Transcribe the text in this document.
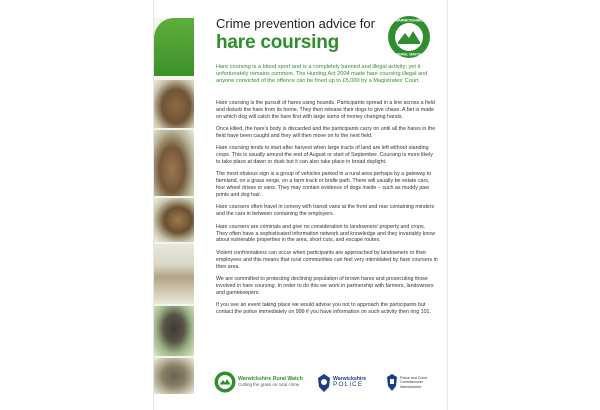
Crime prevention advice for
hare coursing
WARWICKSHIRE
RURAL WATCH
Hare coursing is a blood sport and is a completely banned and illegal activity; yet it unfortunately remains common. The Hunting Act 2004 made hare coursing illegal and anyone convicted of the offence can be fined up to £5,000 by a Magistrates' Court.

Hare coursing is the pursuit of hares using hounds. Participants spread in a line across a field and disturb the hare from its home. They then release their dogs to give chase. A bet is made on which dog will catch the hare first with large sums of money changing hands.

Once killed, the hare's body is discarded and the participants carry on until all the hares in the field have been caught and they will then move on to the next field.

Hare coursing tends to start after harvest when large tracts of land are left without standing crops. This is usually around the end of August or start of September. Coursing is more likely to take place at dawn or dusk but it can also take place in broad daylight.

The most obvious sign is a group of vehicles parked in a rural area perhaps by a gateway to farmland, on a grass verge, on a farm track or bridle path. There will usually be estate cars, four wheel drives or vans. They may contain evidence of dogs inside – such as muddy paw prints and dog hair.

Hare coursers often travel in convoy with transit vans at the front and rear containing minders and the cars in between containing the employers.

Hare coursers are criminals and give no consideration to landowners' property and crops. They often have a sophisticated information network and knowledge and they invariably know about vulnerable properties in the area, short cuts, and escape routes.

Violent confrontations can occur when participants are approached by landowners or their employees and this means that rural communities can feel very intimidated by hare coursers in their area.

We are committed to protecting declining population of brown hares and prosecuting those involved in hare coursing. In order to do this we work in partnership with farmers, landowners and gamekeepers.

If you see an event taking place we would advise you not to approach the participants but contact the police immediately on 999 if you have information on such activity then ring 101.

Warwickshire Rural Watch
Cutting the grass on rural crime
Warwickshire
POLICE
Police and Crime Commissioner Warwickshire
